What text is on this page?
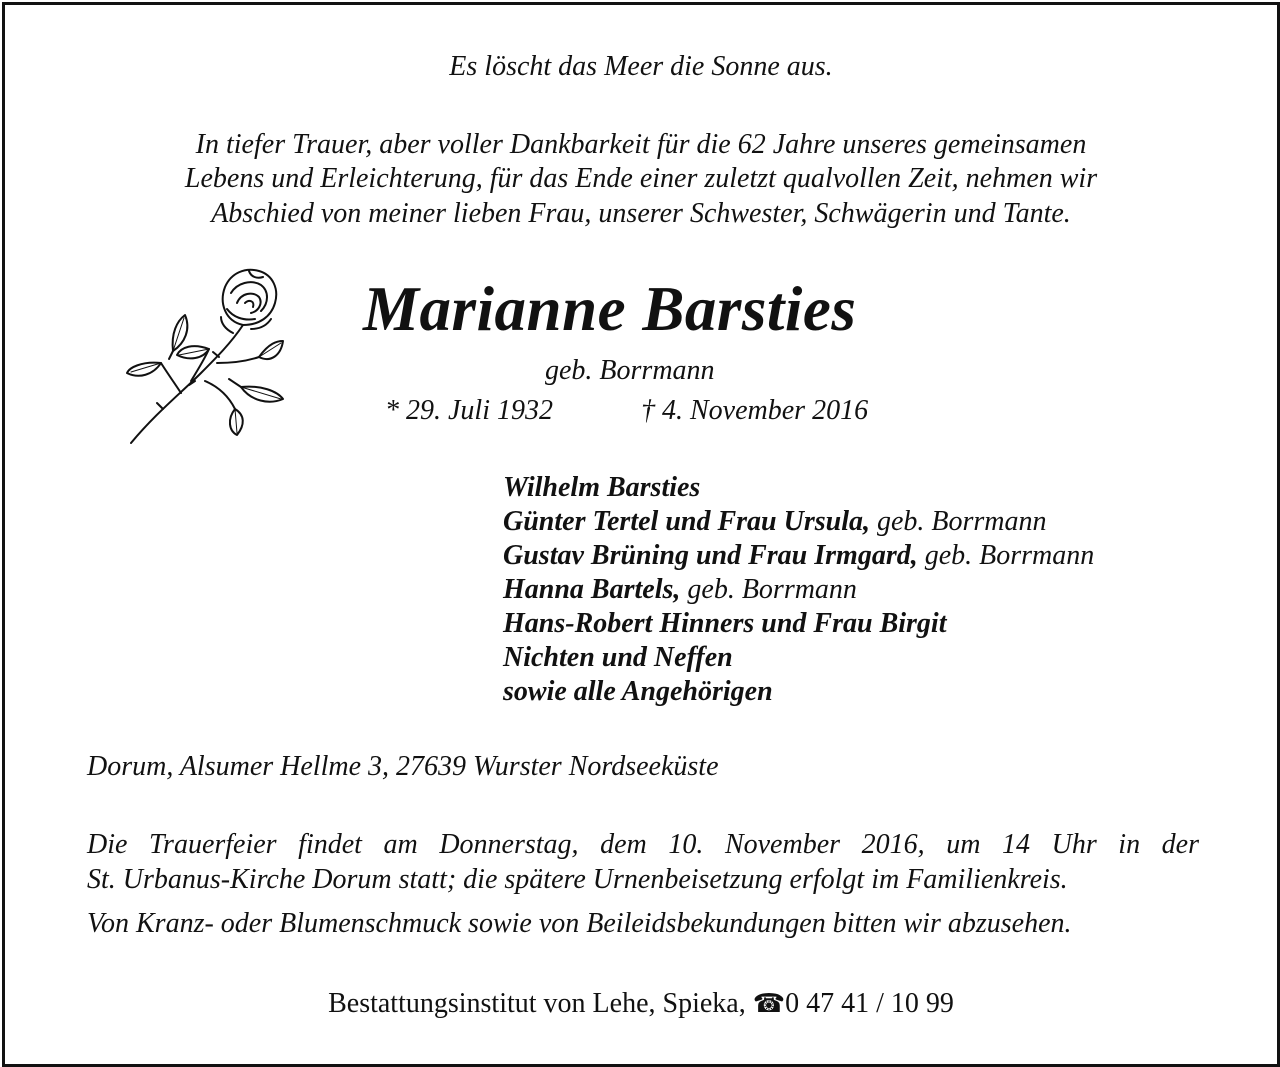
Es löscht das Meer die Sonne aus.
In tiefer Trauer, aber voller Dankbarkeit für die 62 Jahre unseres gemeinsamen
Lebens und Erleichterung, für das Ende einer zuletzt qualvollen Zeit, nehmen wir
Abschied von meiner lieben Frau, unserer Schwester, Schwägerin und Tante.
Marianne Barsties
geb. Borrmann
* 29. Juli 1932	† 4. November 2016
Wilhelm Barsties
Günter Tertel und Frau Ursula, geb. Borrmann
Gustav Brüning und Frau Irmgard, geb. Borrmann
Hanna Bartels, geb. Borrmann
Hans-Robert Hinners und Frau Birgit
Nichten und Neffen
sowie alle Angehörigen
Dorum, Alsumer Hellme 3, 27639 Wurster Nordseeküste
Die Trauerfeier findet am Donnerstag, dem 10. November 2016, um 14 Uhr in der
St. Urbanus-Kirche Dorum statt; die spätere Urnenbeisetzung erfolgt im Familienkreis.
Von Kranz- oder Blumenschmuck sowie von Beileidsbekundungen bitten wir abzusehen.
Bestattungsinstitut von Lehe, Spieka, ☎0 47 41 / 10 99
